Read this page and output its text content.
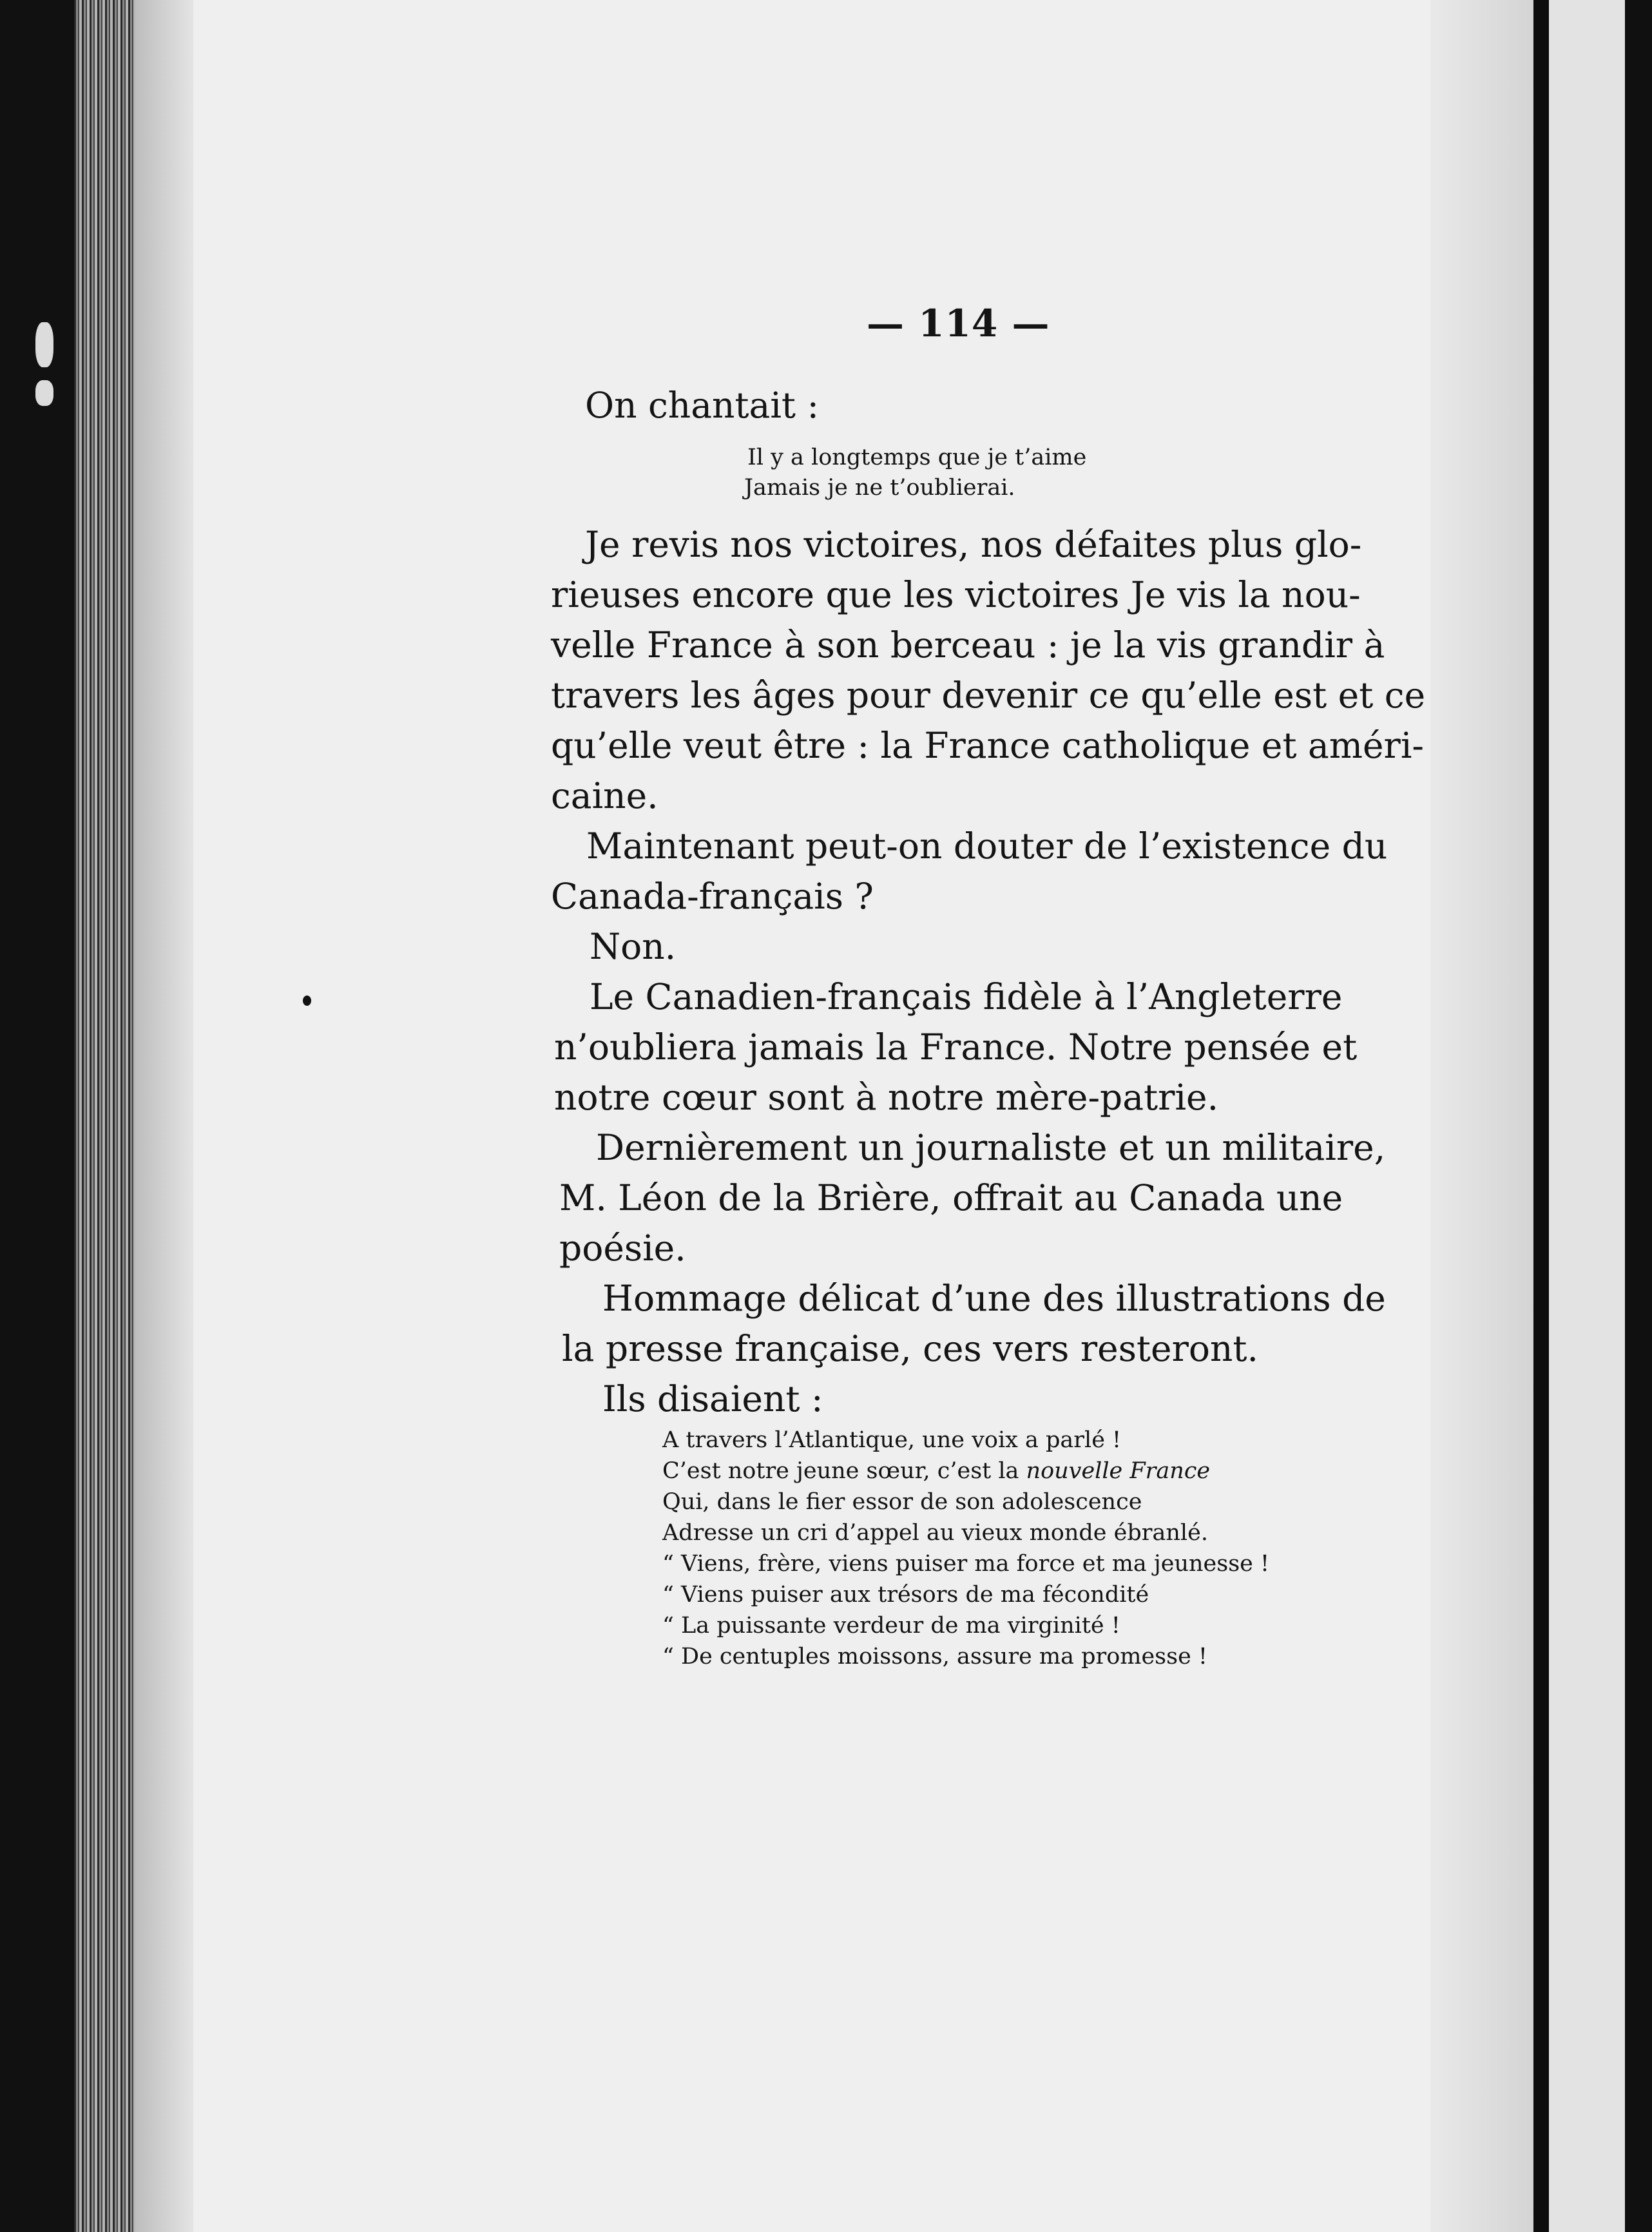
— 114 —
On chantait :
Il y a longtemps que je t’aime
Jamais je ne t’oublierai.
Je revis nos victoires, nos défaites plus glo-
rieuses encore que les victoires Je vis la nou-
velle France à son berceau : je la vis grandir à
travers les âges pour devenir ce qu’elle est et ce
qu’elle veut être : la France catholique et améri-
caine.
Maintenant peut-on douter de l’existence du
Canada-français ?
Non.
Le Canadien-français fidèle à l’Angleterre
n’oubliera jamais la France. Notre pensée et
notre cœur sont à notre mère-patrie.
Dernièrement un journaliste et un militaire,
M. Léon de la Brière, offrait au Canada une
poésie.
Hommage délicat d’une des illustrations de
la presse française, ces vers resteront.
Ils disaient :
A travers l’Atlantique, une voix a parlé !
C’est notre jeune sœur, c’est la nouvelle France
Qui, dans le fier essor de son adolescence
Adresse un cri d’appel au vieux monde ébranlé.
“ Viens, frère, viens puiser ma force et ma jeunesse !
“ Viens puiser aux trésors de ma fécondité
“ La puissante verdeur de ma virginité !
“ De centuples moissons, assure ma promesse !
